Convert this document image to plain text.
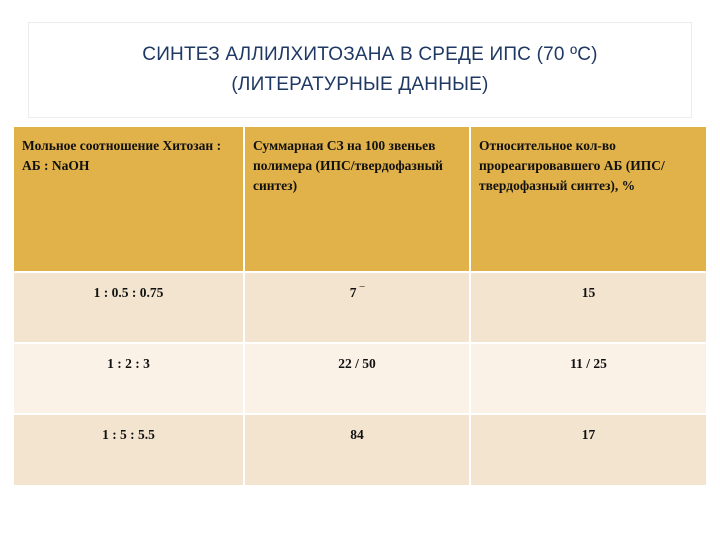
СИНТЕЗ АЛЛИЛХИТОЗАНА В СРЕДЕ ИПС (70 ºС)
(ЛИТЕРАТУРНЫЕ ДАННЫЕ)
Мольное соотношение Хитозан : АБ : NaOH	Суммарная СЗ на 100 звеньев полимера (ИПС/твердофазный синтез)	Относительное кол-во прореагировавшего АБ (ИПС/твердофазный синтез), %
1 : 0.5 : 0.75	7 ‾	15
1 : 2 : 3	22 / 50	11 / 25
1 : 5 : 5.5	84	17
